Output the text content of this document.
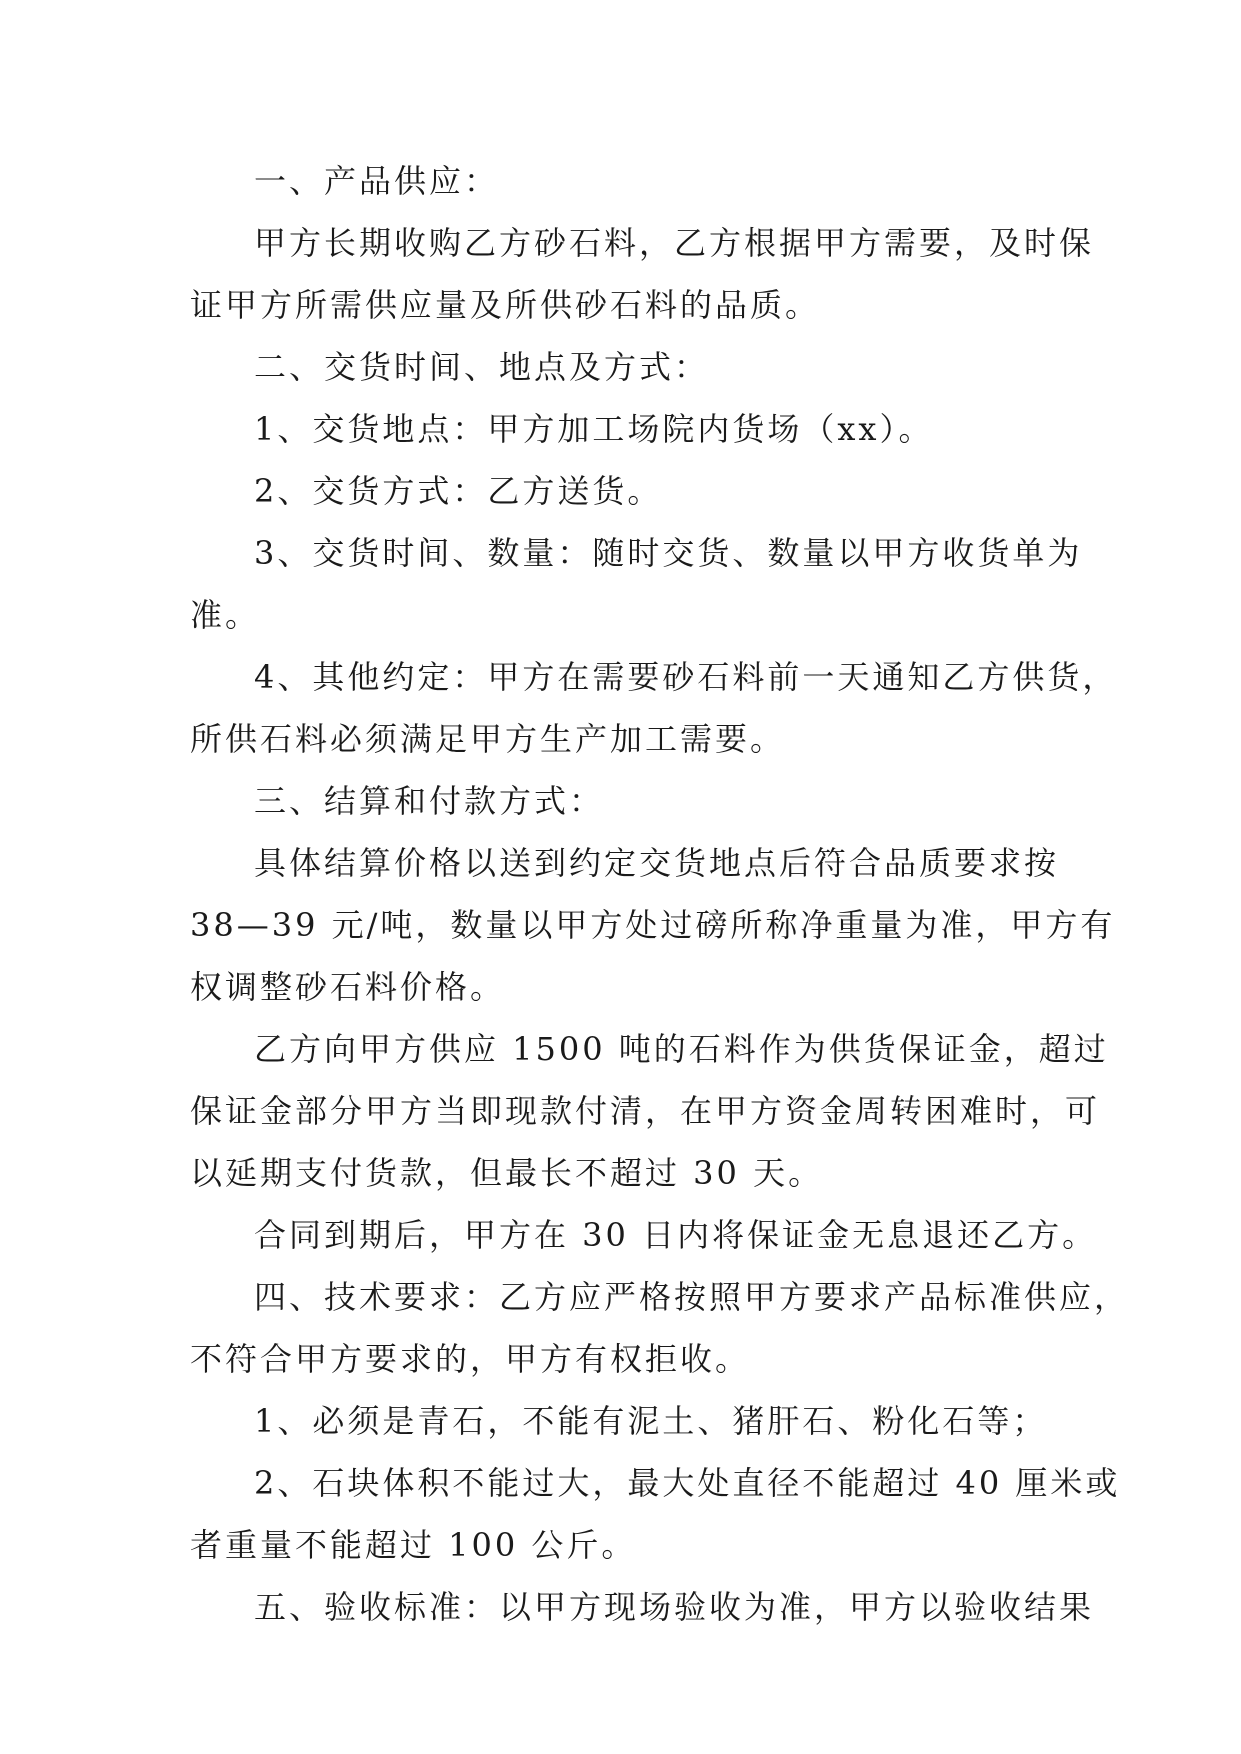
一、产品供应：

甲方长期收购乙方砂石料，乙方根据甲方需要，及时保

证甲方所需供应量及所供砂石料的品质。

二、交货时间、地点及方式：

1、交货地点：甲方加工场院内货场（xx）。

2、交货方式：乙方送货。

3、交货时间、数量：随时交货、数量以甲方收货单为

准。

4、其他约定：甲方在需要砂石料前一天通知乙方供货，

所供石料必须满足甲方生产加工需要。

三、结算和付款方式：

具体结算价格以送到约定交货地点后符合品质要求按

38—39 元/吨，数量以甲方处过磅所称净重量为准，甲方有

权调整砂石料价格。

乙方向甲方供应 1500 吨的石料作为供货保证金，超过

保证金部分甲方当即现款付清，在甲方资金周转困难时，可

以延期支付货款，但最长不超过 30 天。

合同到期后，甲方在 30 日内将保证金无息退还乙方。

四、技术要求：乙方应严格按照甲方要求产品标准供应，

不符合甲方要求的，甲方有权拒收。

1、必须是青石，不能有泥土、猪肝石、粉化石等；

2、石块体积不能过大，最大处直径不能超过 40 厘米或

者重量不能超过 100 公斤。

五、验收标准：以甲方现场验收为准，甲方以验收结果
